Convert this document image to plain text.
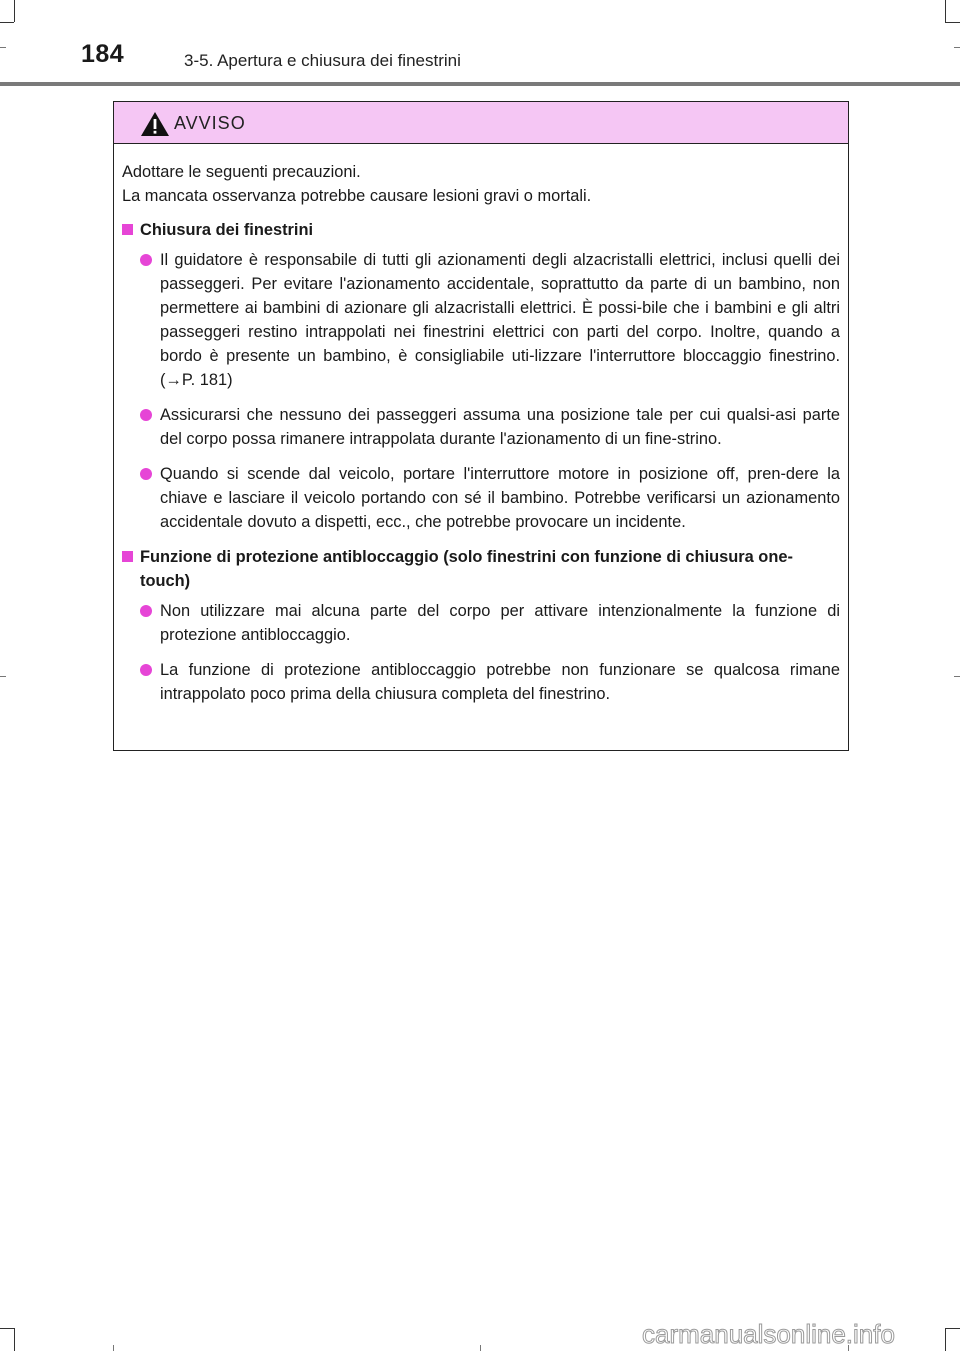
184	3-5. Apertura e chiusura dei finestrini
AVVISO

Adottare le seguenti precauzioni.
La mancata osservanza potrebbe causare lesioni gravi o mortali.

Chiusura dei finestrini
Il guidatore è responsabile di tutti gli azionamenti degli alzacristalli elettrici, inclusi quelli dei passeggeri. Per evitare l'azionamento accidentale, soprattutto da parte di un bambino, non permettere ai bambini di azionare gli alzacristalli elettrici. È possi-bile che i bambini e gli altri passeggeri restino intrappolati nei finestrini elettrici con parti del corpo. Inoltre, quando a bordo è presente un bambino, è consigliabile uti-lizzare l'interruttore bloccaggio finestrino. (→P. 181)
Assicurarsi che nessuno dei passeggeri assuma una posizione tale per cui qualsi-asi parte del corpo possa rimanere intrappolata durante l'azionamento di un fine-strino.
Quando si scende dal veicolo, portare l'interruttore motore in posizione off, pren-dere la chiave e lasciare il veicolo portando con sé il bambino. Potrebbe verificarsi un azionamento accidentale dovuto a dispetti, ecc., che potrebbe provocare un incidente.
Funzione di protezione antibloccaggio (solo finestrini con funzione di chiusura one-touch)
Non utilizzare mai alcuna parte del corpo per attivare intenzionalmente la funzione di protezione antibloccaggio.
La funzione di protezione antibloccaggio potrebbe non funzionare se qualcosa rimane intrappolato poco prima della chiusura completa del finestrino.
carmanualsonline.info
